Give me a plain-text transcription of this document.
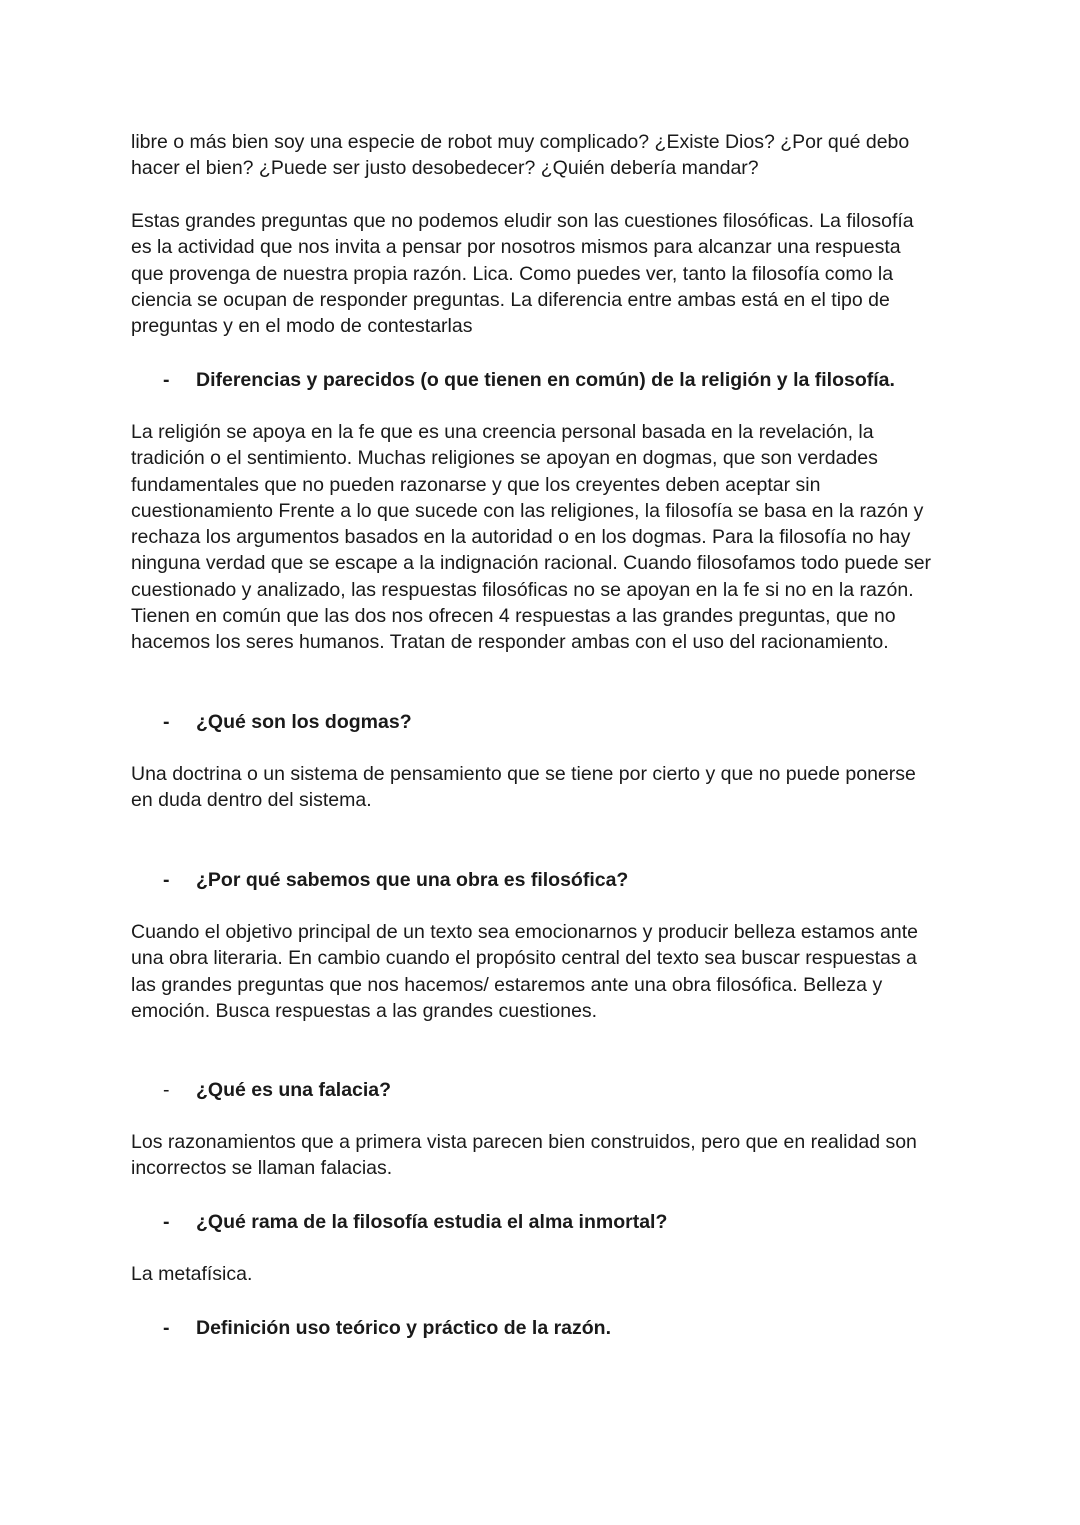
libre o más bien soy una especie de robot muy complicado? ¿Existe Dios? ¿Por qué debo
hacer el bien? ¿Puede ser justo desobedecer? ¿Quién debería mandar?

Estas grandes preguntas que no podemos eludir son las cuestiones filosóficas. La filosofía
es la actividad que nos invita a pensar por nosotros mismos para alcanzar una respuesta
que provenga de nuestra propia razón. Lica. Como puedes ver, tanto la filosofía como la
ciencia se ocupan de responder preguntas. La diferencia entre ambas está en el tipo de
preguntas y en el modo de contestarlas

- Diferencias y parecidos (o que tienen en común) de la religión y la filosofía.

La religión se apoya en la fe que es una creencia personal basada en la revelación, la
tradición o el sentimiento. Muchas religiones se apoyan en dogmas, que son verdades
fundamentales que no pueden razonarse y que los creyentes deben aceptar sin
cuestionamiento Frente a lo que sucede con las religiones, la filosofía se basa en la razón y
rechaza los argumentos basados en la autoridad o en los dogmas. Para la filosofía no hay
ninguna verdad que se escape a la indignación racional. Cuando filosofamos todo puede ser
cuestionado y analizado, las respuestas filosóficas no se apoyan en la fe si no en la razón.
Tienen en común que las dos nos ofrecen 4 respuestas a las grandes preguntas, que no
hacemos los seres humanos. Tratan de responder ambas con el uso del racionamiento.

- ¿Qué son los dogmas?

Una doctrina o un sistema de pensamiento que se tiene por cierto y que no puede ponerse
en duda dentro del sistema.

- ¿Por qué sabemos que una obra es filosófica?

Cuando el objetivo principal de un texto sea emocionarnos y producir belleza estamos ante
una obra literaria. En cambio cuando el propósito central del texto sea buscar respuestas a
las grandes preguntas que nos hacemos/ estaremos ante una obra filosófica. Belleza y
emoción. Busca respuestas a las grandes cuestiones.

- ¿Qué es una falacia?

Los razonamientos que a primera vista parecen bien construidos, pero que en realidad son
incorrectos se llaman falacias.

- ¿Qué rama de la filosofía estudia el alma inmortal?

La metafísica.

- Definición uso teórico y práctico de la razón.
